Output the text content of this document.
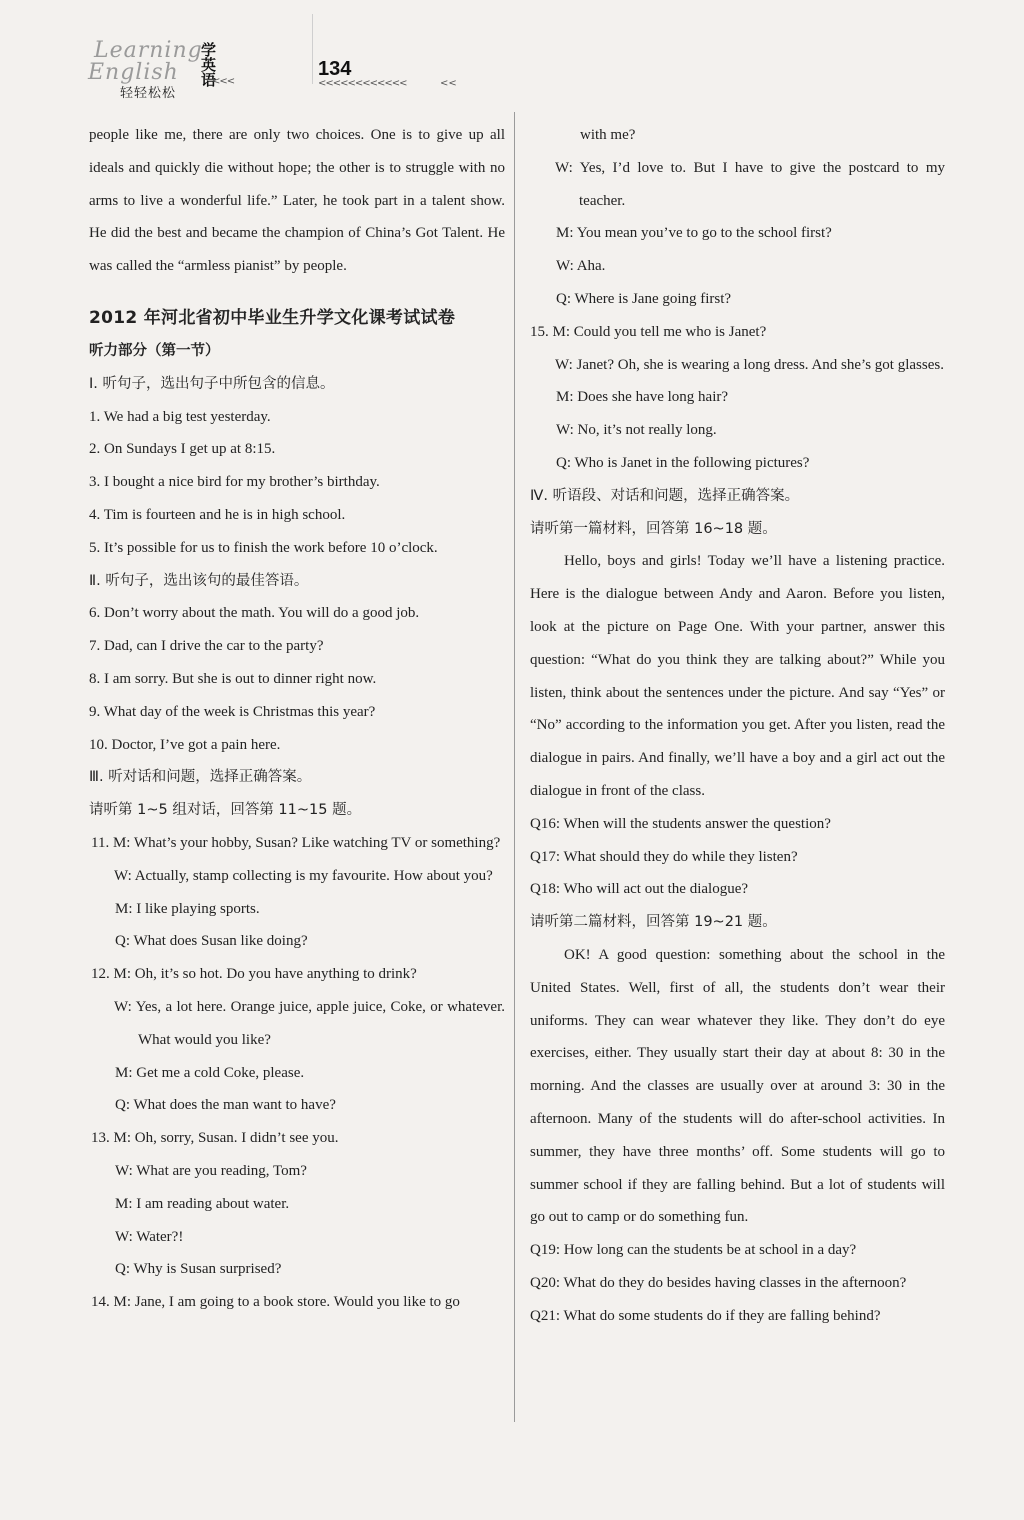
Learning
English 学英语
轻轻松松
<<<
134
<<<<<<<<<<<<	<<

people like me, there are only two choices. One is to give up all ideals and quickly die without hope; the other is to struggle with no arms to live a wonderful life.” Later, he took part in a talent show. He did the best and became the champion of China’s Got Talent. He was called the “armless pianist” by people.

2012 年河北省初中毕业生升学文化课考试试卷

听力部分（第一节）

Ⅰ. 听句子，选出句子中所包含的信息。

1. We had a big test yesterday.

2. On Sundays I get up at 8:15.

3. I bought a nice bird for my brother’s birthday.

4. Tim is fourteen and he is in high school.

5. It’s possible for us to finish the work before 10 o’clock.

Ⅱ. 听句子，选出该句的最佳答语。

6. Don’t worry about the math. You will do a good job.

7. Dad, can I drive the car to the party?

8. I am sorry. But she is out to dinner right now.

9. What day of the week is Christmas this year?

10. Doctor, I’ve got a pain here.

Ⅲ. 听对话和问题，选择正确答案。

请听第 1~5 组对话，回答第 11~15 题。

11. M: What’s your hobby, Susan? Like watching TV or something?

W: Actually, stamp collecting is my favourite. How about you?

M: I like playing sports.

Q: What does Susan like doing?

12. M: Oh, it’s so hot. Do you have anything to drink?

W: Yes, a lot here. Orange juice, apple juice, Coke, or whatever. What would you like?

M: Get me a cold Coke, please.

Q: What does the man want to have?

13. M: Oh, sorry, Susan. I didn’t see you.

W: What are you reading, Tom?

M: I am reading about water.

W: Water?!

Q: Why is Susan surprised?

14. M: Jane, I am going to a book store. Would you like to go

with me?

W: Yes, I’d love to. But I have to give the postcard to my teacher.

M: You mean you’ve to go to the school first?

W: Aha.

Q: Where is Jane going first?

15. M: Could you tell me who is Janet?

W: Janet? Oh, she is wearing a long dress. And she’s got glasses.

M: Does she have long hair?

W: No, it’s not really long.

Q: Who is Janet in the following pictures?

Ⅳ. 听语段、对话和问题，选择正确答案。

请听第一篇材料，回答第 16~18 题。

Hello, boys and girls! Today we’ll have a listening practice. Here is the dialogue between Andy and Aaron. Before you listen, look at the picture on Page One. With your partner, answer this question: “What do you think they are talking about?” While you listen, think about the sentences under the picture. And say “Yes” or “No” according to the information you get. After you listen, read the dialogue in pairs. And finally, we’ll have a boy and a girl act out the dialogue in front of the class.

Q16: When will the students answer the question?

Q17: What should they do while they listen?

Q18: Who will act out the dialogue?

请听第二篇材料，回答第 19~21 题。

OK! A good question: something about the school in the United States. Well, first of all, the students don’t wear their uniforms. They can wear whatever they like. They don’t do eye exercises, either. They usually start their day at about 8: 30 in the morning. And the classes are usually over at around 3: 30 in the afternoon. Many of the students will do after-school activities. In summer, they have three months’ off. Some students will go to summer school if they are falling behind. But a lot of students will go out to camp or do something fun.

Q19: How long can the students be at school in a day?

Q20: What do they do besides having classes in the afternoon?

Q21: What do some students do if they are falling behind?
